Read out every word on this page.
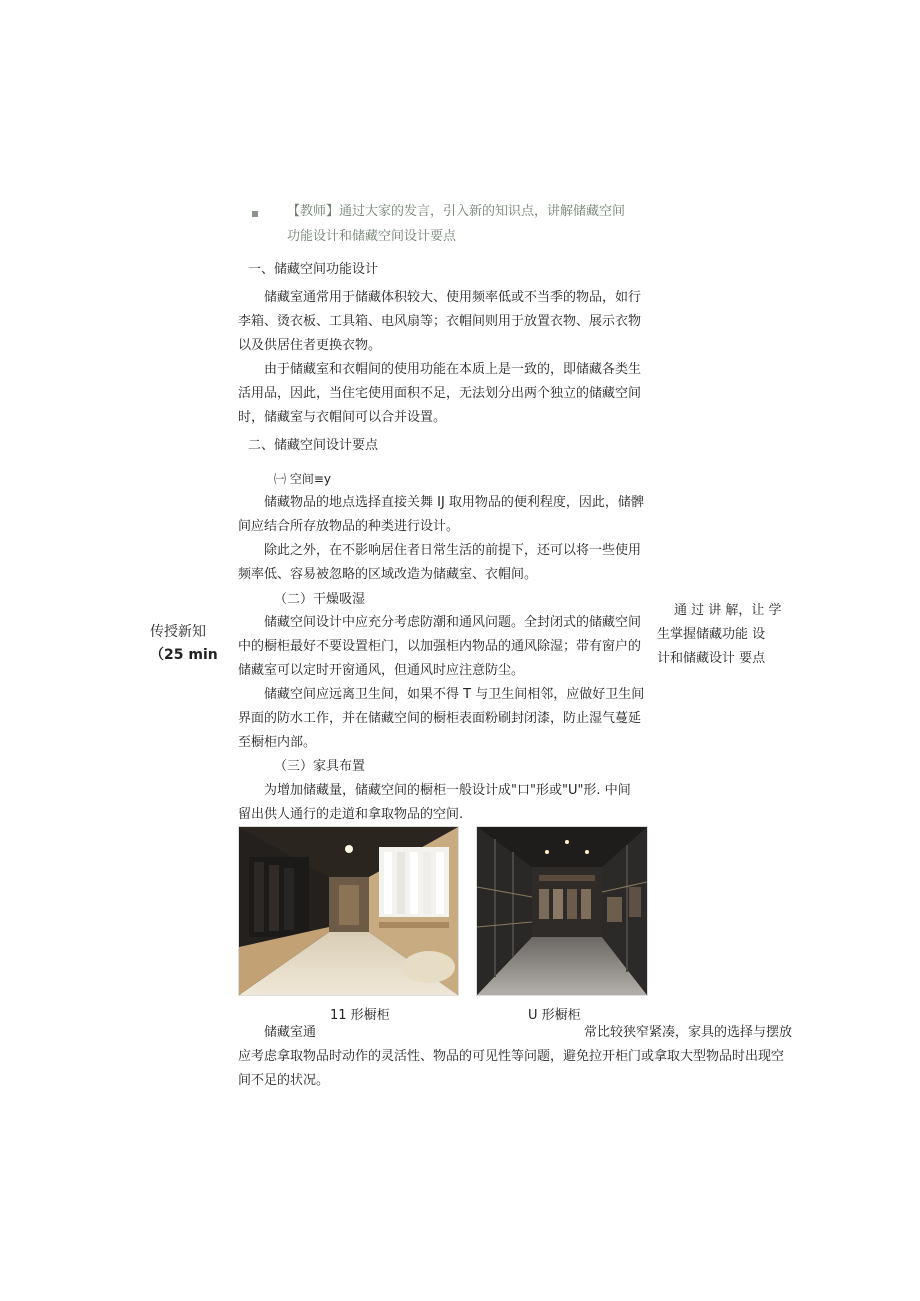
【教师】通过大家的发言，引入新的知识点，讲解储藏空间
功能设计和储藏空间设计要点
一、储藏空间功能设计
储藏室通常用于储藏体积较大、使用频率低或不当季的物品，如行
李箱、烫衣板、工具箱、电风扇等；衣帽间则用于放置衣物、展示衣物
以及供居住者更换衣物。
由于储藏室和衣帽间的使用功能在本质上是一致的，即储藏各类生
活用品，因此，当住宅使用面积不足，无法划分出两个独立的储藏空间
时，储藏室与衣帽间可以合并设置。
二、储藏空间设计要点
㈠ 空间≡y
储藏物品的地点选择直接关舞 IJ 取用物品的便利程度，因此，储髀
间应结合所存放物品的种类进行设计。
除此之外，在不影响居住者日常生活的前提下，还可以将一些使用
频率低、容易被忽略的区域改造为储藏室、衣帽间。
（二）干燥吸湿
储藏空间设计中应充分考虑防潮和通风问题。全封闭式的储藏空间
中的橱柜最好不要设置柜门，以加强柜内物品的通风除湿；带有窗户的
储藏室可以定时开窗通风，但通风时应注意防尘。
储藏空间应远离卫生间，如果不得 T 与卫生间相邻，应做好卫生间
界面的防水工作，并在储藏空间的橱柜表面粉刷封闭漆，防止湿气蔓延
至橱柜内部。
（三）家具布置
为增加储藏量，储藏空间的橱柜一般设计成"口"形或"U"形. 中间
留出供人通行的走道和拿取物品的空间.
传授新知
（25 min
通 过 讲 解，让 学
生掌握储藏功能 设
计和储藏设计 要点
11 形橱柜	U 形橱柜
储藏室通	常比较狭窄紧凑，家具的选择与摆放
应考虑拿取物品时动作的灵活性、物品的可见性等问题，避免拉开柜门或拿取大型物品时出现空
间不足的状况。
